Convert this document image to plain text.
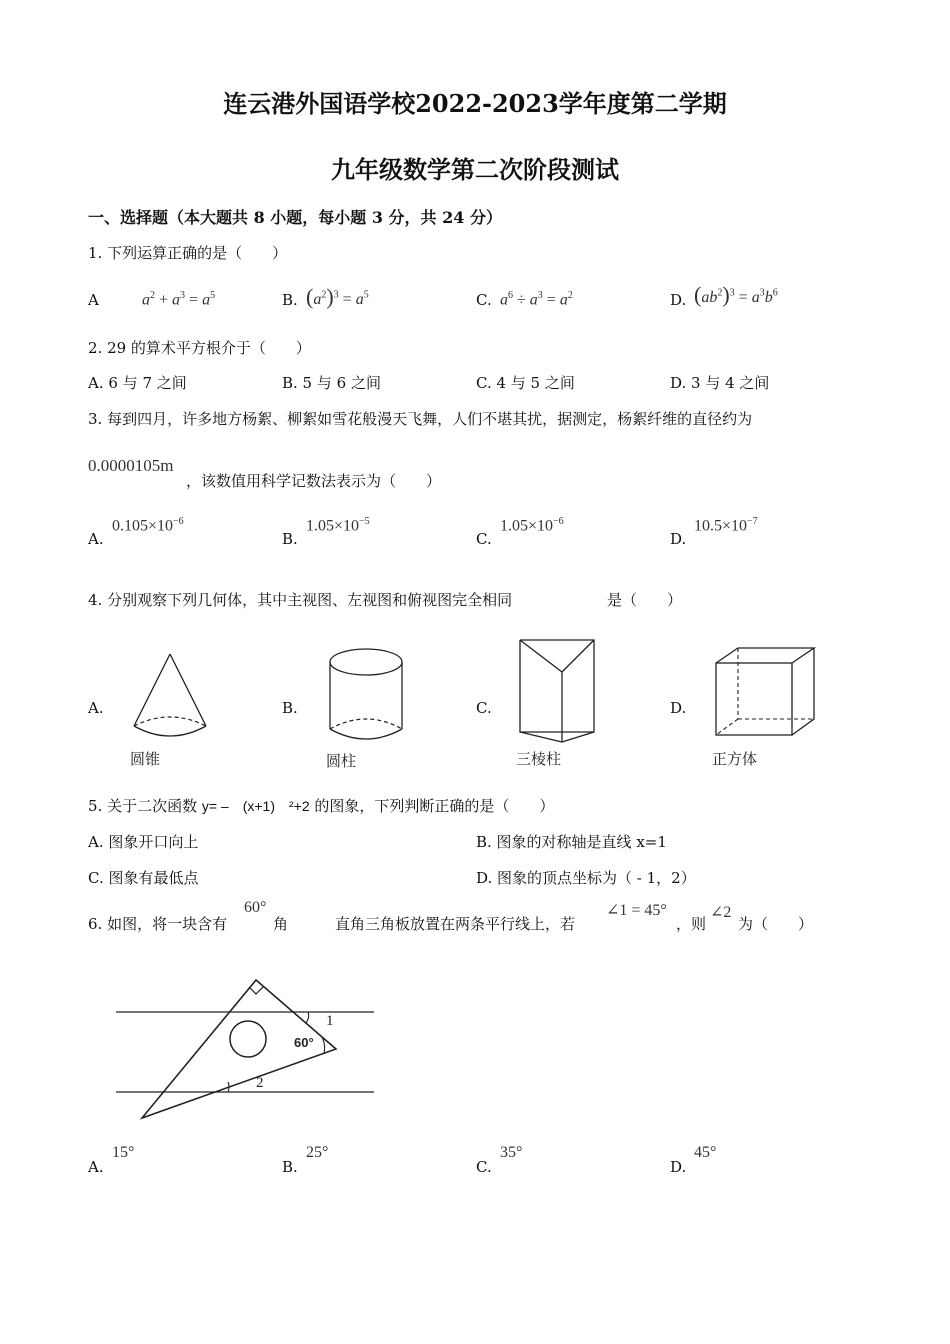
连云港外国语学校2022-2023学年度第二学期
九年级数学第二次阶段测试
一、选择题（本大题共 8 小题，每小题 3 分，共 24 分）
1. 下列运算正确的是（　　）
A	$a^2 + a^3 = a^5$	B. $(a^2)^3 = a^5$	C. $a^6 \div a^3 = a^2$	D. $(ab^2)^3 = a^3b^6$
2. 29 的算术平方根介于（　　）
A. 6 与 7 之间	B. 5 与 6 之间	C. 4 与 5 之间	D. 3 与 4 之间
3. 每到四月，许多地方杨絮、柳絮如雪花般漫天飞舞，人们不堪其扰，据测定，杨絮纤维的直径约为
0.0000105m
，该数值用科学记数法表示为（　　）
A.
$0.105\times 10^{-6}$
B.
$1.05\times 10^{-5}$
C.
$1.05\times 10^{-6}$
D.
$10.5\times 10^{-7}$
4. 分别观察下列几何体，其中主视图、左视图和俯视图完全相同	是（　　）
A.
圆锥
B.
圆柱
C.
三棱柱
D.
正方体
5. 关于二次函数 y= –　(x+1)　²+2 的图象，下列判断正确的是（　　）
A. 图象开口向上	B. 图象的对称轴是直线 x=1
C. 图象有最低点	D. 图象的顶点坐标为（ - 1，2）
6. 如图，将一块含有
60°
角	直角三角板放置在两条平行线上，若
∠1 = 45°
，则
∠2
为（　　）
1
60°
2
A.
15°
B.
25°
C.
35°
D.
45°
